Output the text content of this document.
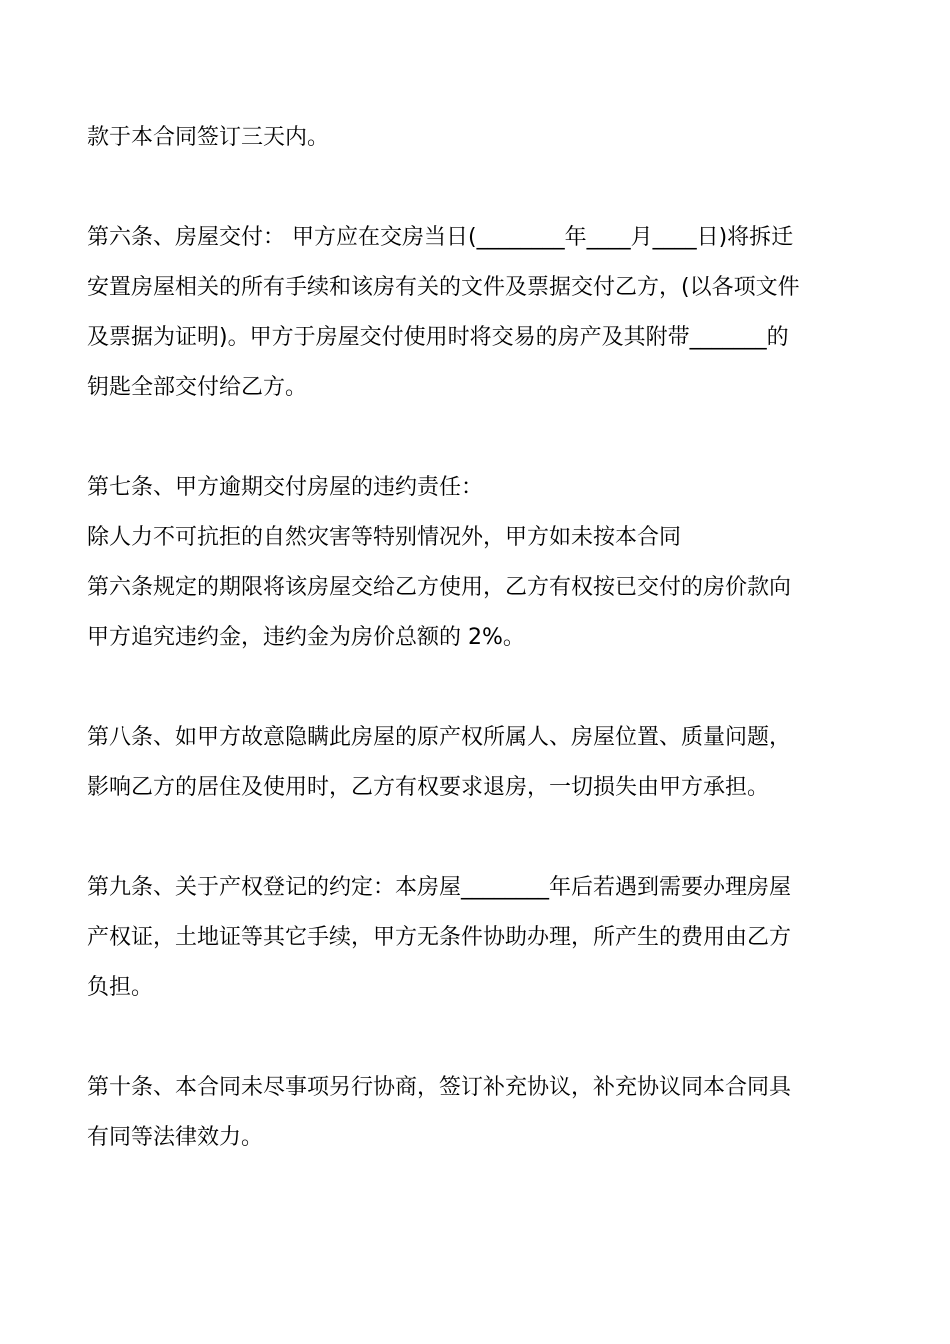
款于本合同签订三天内。
第六条、房屋交付： 甲方应在交房当日(________年____月____日)将拆迁
安置房屋相关的所有手续和该房有关的文件及票据交付乙方，(以各项文件
及票据为证明)。甲方于房屋交付使用时将交易的房产及其附带_______的
钥匙全部交付给乙方。
第七条、甲方逾期交付房屋的违约责任：
除人力不可抗拒的自然灾害等特别情况外，甲方如未按本合同
第六条规定的期限将该房屋交给乙方使用，乙方有权按已交付的房价款向
甲方追究违约金，违约金为房价总额的 2%。
第八条、如甲方故意隐瞒此房屋的原产权所属人、房屋位置、质量问题，
影响乙方的居住及使用时，乙方有权要求退房，一切损失由甲方承担。
第九条、关于产权登记的约定：本房屋________年后若遇到需要办理房屋
产权证，土地证等其它手续，甲方无条件协助办理，所产生的费用由乙方
负担。
第十条、本合同未尽事项另行协商，签订补充协议，补充协议同本合同具
有同等法律效力。
